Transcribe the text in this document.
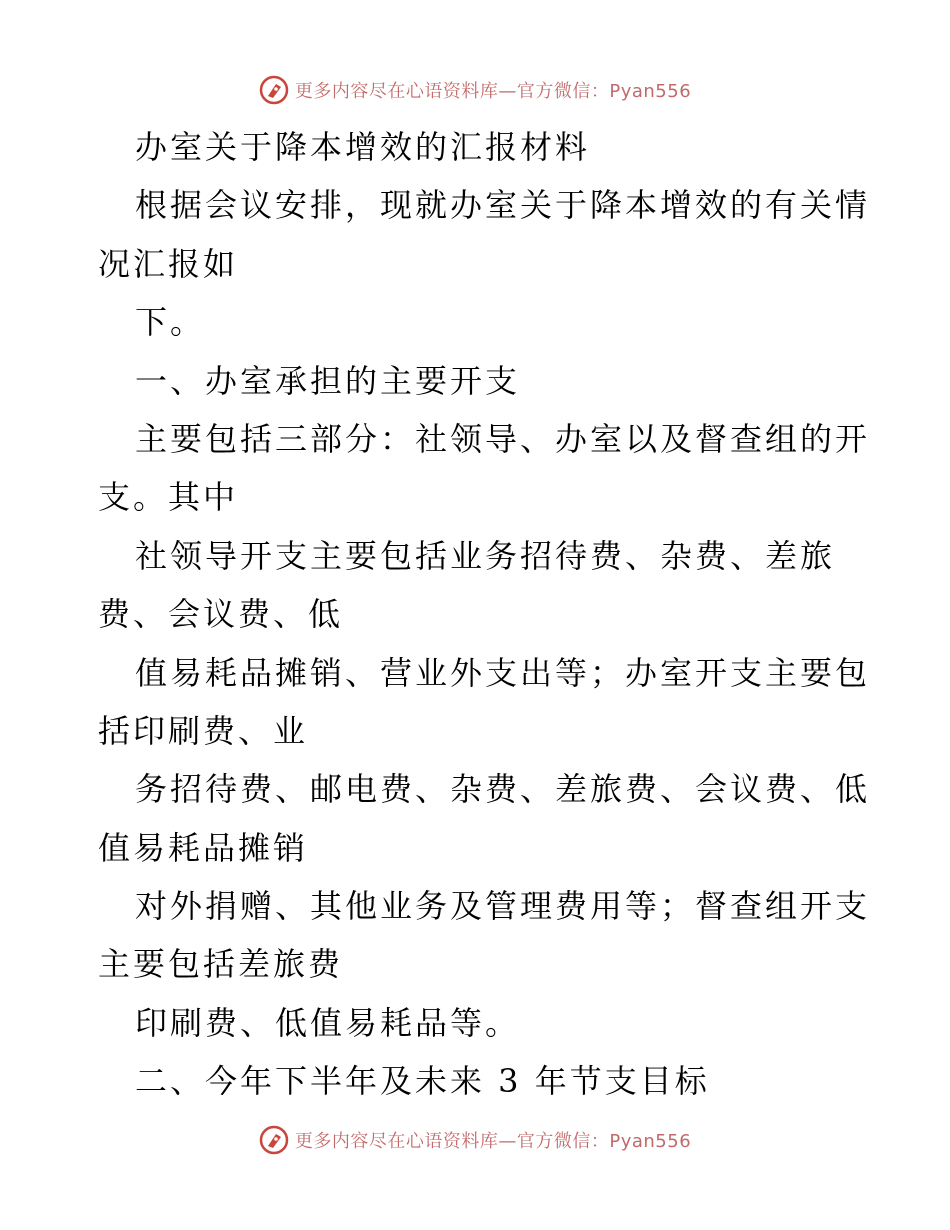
更多内容尽在心语资料库—官方微信：Pyan556
办室关于降本增效的汇报材料
根据会议安排，现就办室关于降本增效的有关情
况汇报如
下。
一、办室承担的主要开支
主要包括三部分：社领导、办室以及督查组的开
支。其中
社领导开支主要包括业务招待费、杂费、差旅
费、会议费、低
值易耗品摊销、营业外支出等；办室开支主要包
括印刷费、业
务招待费、邮电费、杂费、差旅费、会议费、低
值易耗品摊销
对外捐赠、其他业务及管理费用等；督查组开支
主要包括差旅费
印刷费、低值易耗品等。
二、今年下半年及未来 3 年节支目标
更多内容尽在心语资料库—官方微信：Pyan556
